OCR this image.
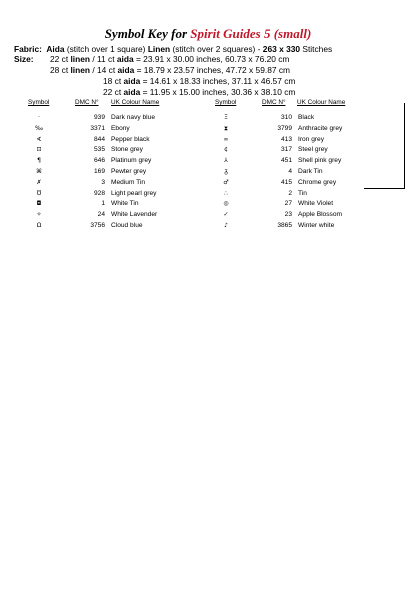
Symbol Key for Spirit Guides 5 (small)
Fabric: Aida (stitch over 1 square) Linen (stitch over 2 squares) - 263 x 330 Stitches
Size:	22 ct linen / 11 ct aida = 23.91 x 30.00 inches, 60.73 x 76.20 cm
28 ct linen / 14 ct aida = 18.79 x 23.57 inches, 47.72 x 59.87 cm
18 ct aida = 14.61 x 18.33 inches, 37.11 x 46.57 cm
22 ct aida = 11.95 x 15.00 inches, 30.36 x 38.10 cm
Symbol	DMC N° UK Colour Name	Symbol	DMC N° UK Colour Name
·	939 Dark navy blue
‰	3371 Ebony
∢	844 Pepper black
⊡	535 Stone grey
¶	646 Platinum grey
⌘	169 Pewter grey
✗	3 Medium Tin
℧	928 Light pearl grey
◘	1 White Tin
✧	24 White Lavender
Ω	3756 Cloud blue
Ξ	310 Black
⧗	3799 Anthracite grey
∞	413 Iron grey
¢	317 Steel grey
⅄	451 Shell pink grey
ᵹ	4 Dark Tin
♂	415 Chrome grey
∴	2 Tin
◎	27 White Violet
✓	23 Apple Blossom
♪	3865 Winter white
